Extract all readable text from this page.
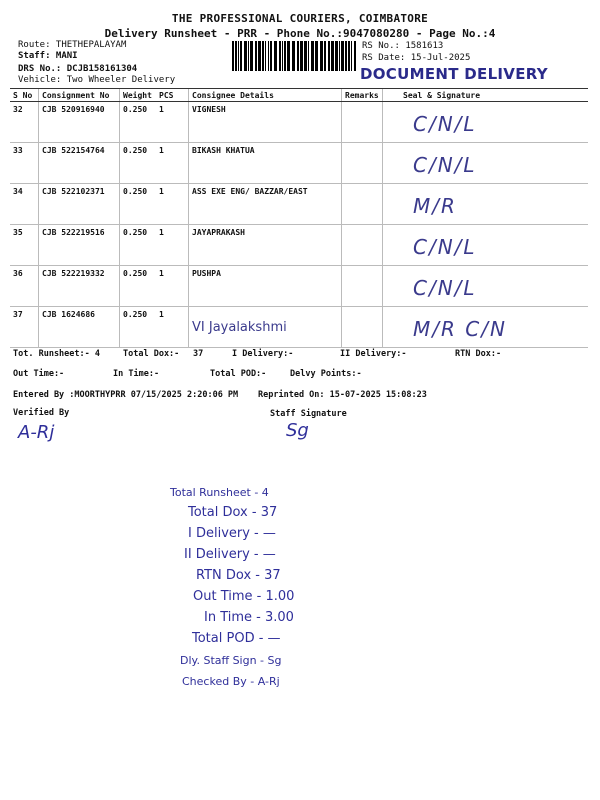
THE PROFESSIONAL COURIERS, COIMBATORE
Delivery Runsheet - PRR - Phone No.:9047080280 - Page No.:4
Route: THETHEPALAYAM
Staff: MANI
DRS No.: DCJB158161304
Vehicle: Two Wheeler Delivery
RS No.: 1581613
RS Date: 15-Jul-2025
DOCUMENT DELIVERY
S No	Consignment No	Weight	PCS	Consignee Details	Remarks	Seal & Signature
32	CJB 520916940	0.250	1	VIGNESH		C/N/L

33	CJB 522154764	0.250	1	BIKASH KHATUA		C/N/L

34	CJB 522102371	0.250	1	ASS EXE ENG/ BAZZAR/EAST		M/R

35	CJB 522219516	0.250	1	JAYAPRAKASH		C/N/L

36	CJB 522219332	0.250	1	PUSHPA		C/N/L

37	CJB 1624686	0.250	1	VI Jayalakshmi		M/R C/N
Tot. Runsheet:- 4	Total Dox:- 37	I Delivery:-	II Delivery:-	RTN Dox:-
Out Time:-	In Time:-	Total POD:-	Delvy Points:-
Entered By :MOORTHYPRR 07/15/2025 2:20:06 PM Reprinted On: 15-07-2025 15:08:23
Verified By	Staff Signature
A-Rj	Sg
Total Runsheet - 4
Total Dox - 37
I Delivery - —
II Delivery - —
RTN Dox - 37
Out Time - 1.00
In Time - 3.00
Total POD - —
Dly. Staff Sign - Sg
Checked By - A-Rj
